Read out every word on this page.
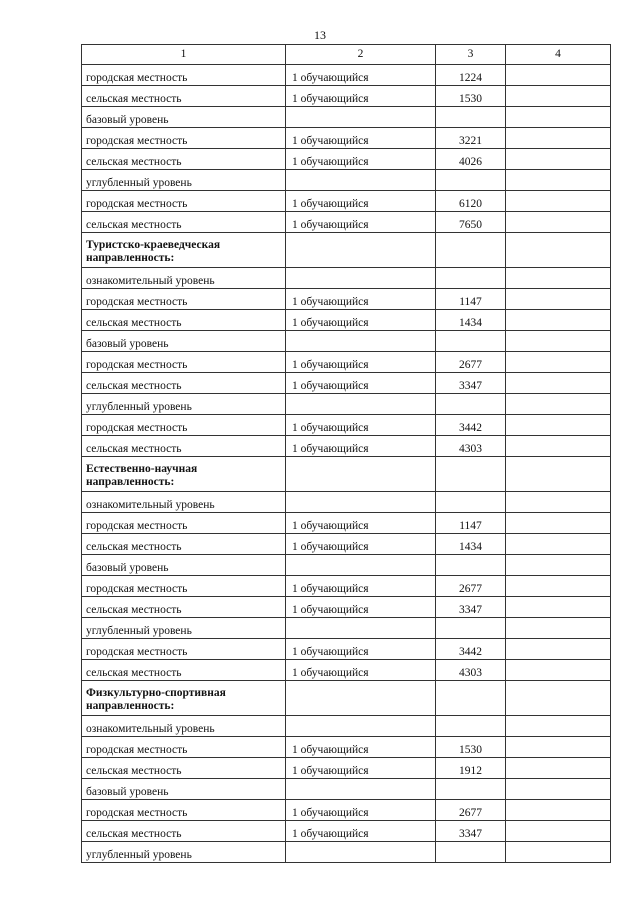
13
1	2	3	4
городская местность	1 обучающийся	1224	
сельская местность	1 обучающийся	1530	
базовый уровень			
городская местность	1 обучающийся	3221	
сельская местность	1 обучающийся	4026	
углубленный уровень			
городская местность	1 обучающийся	6120	
сельская местность	1 обучающийся	7650	
Туристско-краеведческая направленность:			
ознакомительный уровень			
городская местность	1 обучающийся	1147	
сельская местность	1 обучающийся	1434	
базовый уровень			
городская местность	1 обучающийся	2677	
сельская местность	1 обучающийся	3347	
углубленный уровень			
городская местность	1 обучающийся	3442	
сельская местность	1 обучающийся	4303	
Естественно-научная направленность:			
ознакомительный уровень			
городская местность	1 обучающийся	1147	
сельская местность	1 обучающийся	1434	
базовый уровень			
городская местность	1 обучающийся	2677	
сельская местность	1 обучающийся	3347	
углубленный уровень			
городская местность	1 обучающийся	3442	
сельская местность	1 обучающийся	4303	
Физкультурно-спортивная направленность:			
ознакомительный уровень			
городская местность	1 обучающийся	1530	
сельская местность	1 обучающийся	1912	
базовый уровень			
городская местность	1 обучающийся	2677	
сельская местность	1 обучающийся	3347	
углубленный уровень			
